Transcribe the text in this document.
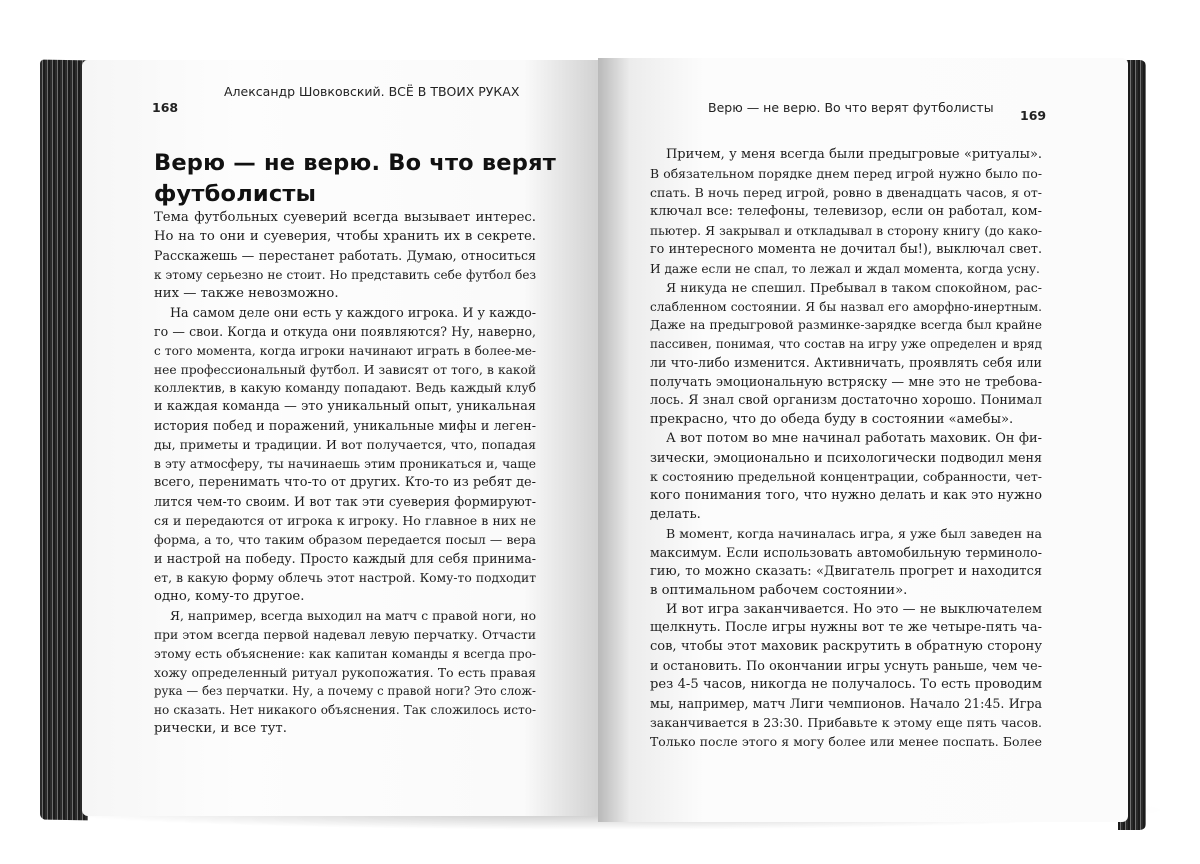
168
Александр Шовковский. ВСЁ В ТВОИХ РУКАХ
Верю — не верю. Во что верят
футболисты
Тема футбольных суеверий всегда вызывает интерес.
Но на то они и суеверия, чтобы хранить их в секрете.
Расскажешь — перестанет работать. Думаю, относиться
к этому серьезно не стоит. Но представить себе футбол без
них — также невозможно.
На самом деле они есть у каждого игрока. И у каждо-
го — свои. Когда и откуда они появляются? Ну, наверно,
с того момента, когда игроки начинают играть в более-ме-
нее профессиональный футбол. И зависят от того, в какой
коллектив, в какую команду попадают. Ведь каждый клуб
и каждая команда — это уникальный опыт, уникальная
история побед и поражений, уникальные мифы и леген-
ды, приметы и традиции. И вот получается, что, попадая
в эту атмосферу, ты начинаешь этим проникаться и, чаще
всего, перенимать что-то от других. Кто-то из ребят де-
лится чем-то своим. И вот так эти суеверия формируют-
ся и передаются от игрока к игроку. Но главное в них не
форма, а то, что таким образом передается посыл — вера
и настрой на победу. Просто каждый для себя принима-
ет, в какую форму облечь этот настрой. Кому-то подходит
одно, кому-то другое.
Я, например, всегда выходил на матч с правой ноги, но
при этом всегда первой надевал левую перчатку. Отчасти
этому есть объяснение: как капитан команды я всегда про-
хожу определенный ритуал рукопожатия. То есть правая
рука — без перчатки. Ну, а почему с правой ноги? Это слож-
но сказать. Нет никакого объяснения. Так сложилось исто-
рически, и все тут.
Верю — не верю. Во что верят футболисты
169
Причем, у меня всегда были предыгровые «ритуалы».
В обязательном порядке днем перед игрой нужно было по-
спать. В ночь перед игрой, ровно в двенадцать часов, я от-
ключал все: телефоны, телевизор, если он работал, ком-
пьютер. Я закрывал и откладывал в сторону книгу (до како-
го интересного момента не дочитал бы!), выключал свет.
И даже если не спал, то лежал и ждал момента, когда усну.
Я никуда не спешил. Пребывал в таком спокойном, рас-
слабленном состоянии. Я бы назвал его аморфно-инертным.
Даже на предыгровой разминке-зарядке всегда был крайне
пассивен, понимая, что состав на игру уже определен и вряд
ли что-либо изменится. Активничать, проявлять себя или
получать эмоциональную встряску — мне это не требова-
лось. Я знал свой организм достаточно хорошо. Понимал
прекрасно, что до обеда буду в состоянии «амебы».
А вот потом во мне начинал работать маховик. Он фи-
зически, эмоционально и психологически подводил меня
к состоянию предельной концентрации, собранности, чет-
кого понимания того, что нужно делать и как это нужно
делать.
В момент, когда начиналась игра, я уже был заведен на
максимум. Если использовать автомобильную терминоло-
гию, то можно сказать: «Двигатель прогрет и находится
в оптимальном рабочем состоянии».
И вот игра заканчивается. Но это — не выключателем
щелкнуть. После игры нужны вот те же четыре-пять ча-
сов, чтобы этот маховик раскрутить в обратную сторону
и остановить. По окончании игры уснуть раньше, чем че-
рез 4-5 часов, никогда не получалось. То есть проводим
мы, например, матч Лиги чемпионов. Начало 21:45. Игра
заканчивается в 23:30. Прибавьте к этому еще пять часов.
Только после этого я могу более или менее поспать. Более
